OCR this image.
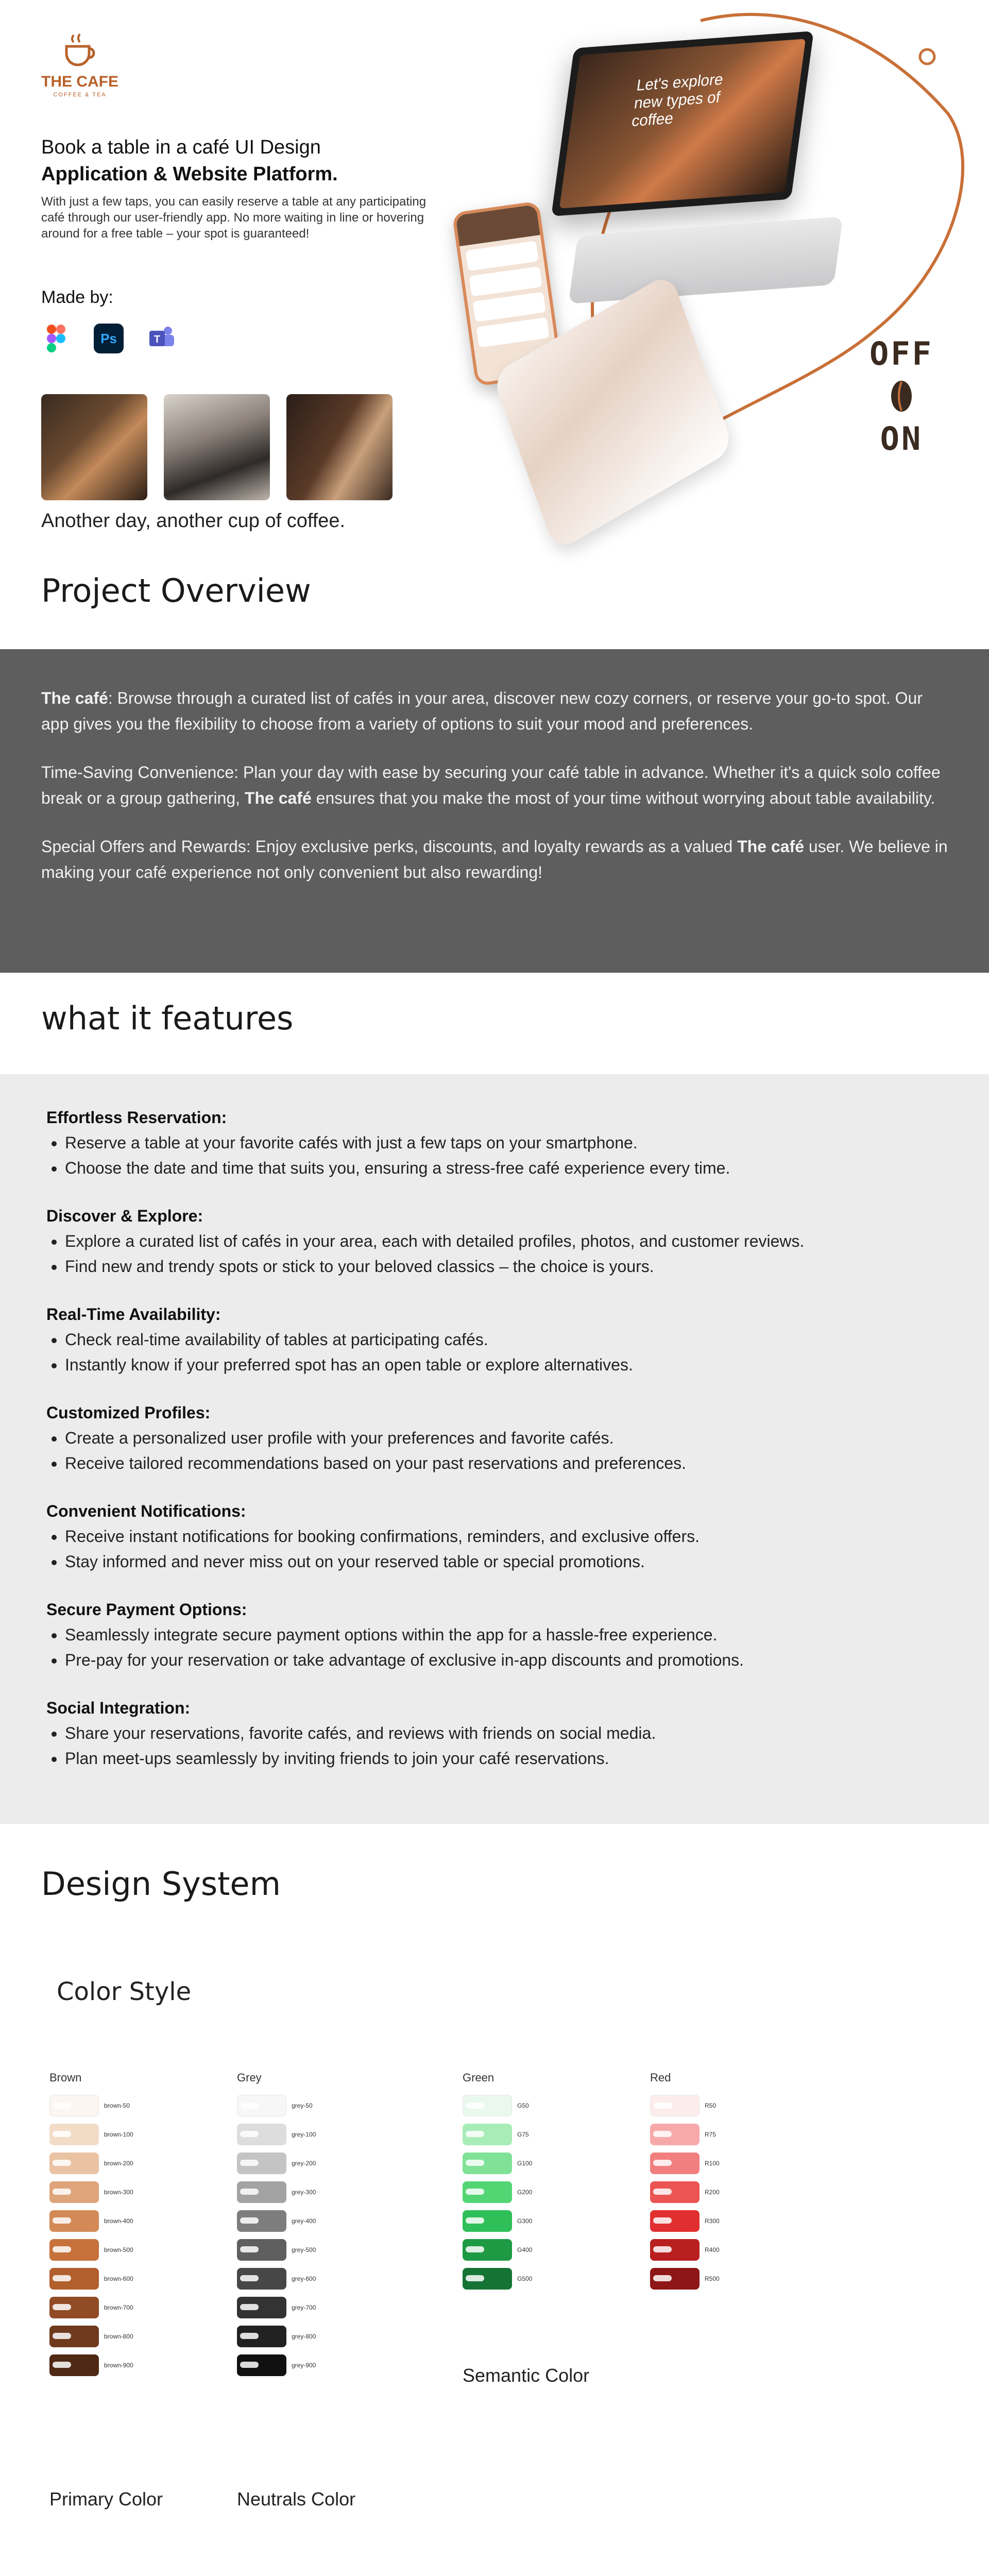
THE CAFE
COFFEE & TEA
Book a table in a café UI Design
Application & Website Platform.

With just a few taps, you can easily reserve a table at any participating café through our user-friendly app. No more waiting in line or hovering around for a free table – your spot is guaranteed!

Made by:
Ps	T
Another day, another cup of coffee.
Let's explore new types of coffee
OFF
ON
Project Overview

The café: Browse through a curated list of cafés in your area, discover new cozy corners, or reserve your go-to spot. Our app gives you the flexibility to choose from a variety of options to suit your mood and preferences.

Time-Saving Convenience: Plan your day with ease by securing your café table in advance. Whether it's a quick solo coffee break or a group gathering, The café ensures that you make the most of your time without worrying about table availability.

Special Offers and Rewards: Enjoy exclusive perks, discounts, and loyalty rewards as a valued The café user. We believe in making your café experience not only convenient but also rewarding!

what it features
Effortless Reservation:
• Reserve a table at your favorite cafés with just a few taps on your smartphone.
• Choose the date and time that suits you, ensuring a stress-free café experience every time.
Discover & Explore:
• Explore a curated list of cafés in your area, each with detailed profiles, photos, and customer reviews.
• Find new and trendy spots or stick to your beloved classics – the choice is yours.
Real-Time Availability:
• Check real-time availability of tables at participating cafés.
• Instantly know if your preferred spot has an open table or explore alternatives.
Customized Profiles:
• Create a personalized user profile with your preferences and favorite cafés.
• Receive tailored recommendations based on your past reservations and preferences.
Convenient Notifications:
• Receive instant notifications for booking confirmations, reminders, and exclusive offers.
• Stay informed and never miss out on your reserved table or special promotions.
Secure Payment Options:
• Seamlessly integrate secure payment options within the app for a hassle-free experience.
• Pre-pay for your reservation or take advantage of exclusive in-app discounts and promotions.
Social Integration:
• Share your reservations, favorite cafés, and reviews with friends on social media.
• Plan meet-ups seamlessly by inviting friends to join your café reservations.
Design System
Color Style
Brown
brown-50
brown-100
brown-200
brown-300
brown-400
brown-500
brown-600
brown-700
brown-800
brown-900
Grey
grey-50
grey-100
grey-200
grey-300
grey-400
grey-500
grey-600
grey-700
grey-800
grey-900
Green
G50
G75
G100
G200
G300
G400
G500
Red
R50
R75
R100
R200
R300
R400
R500
Semantic Color
Primary Color	Neutrals Color
